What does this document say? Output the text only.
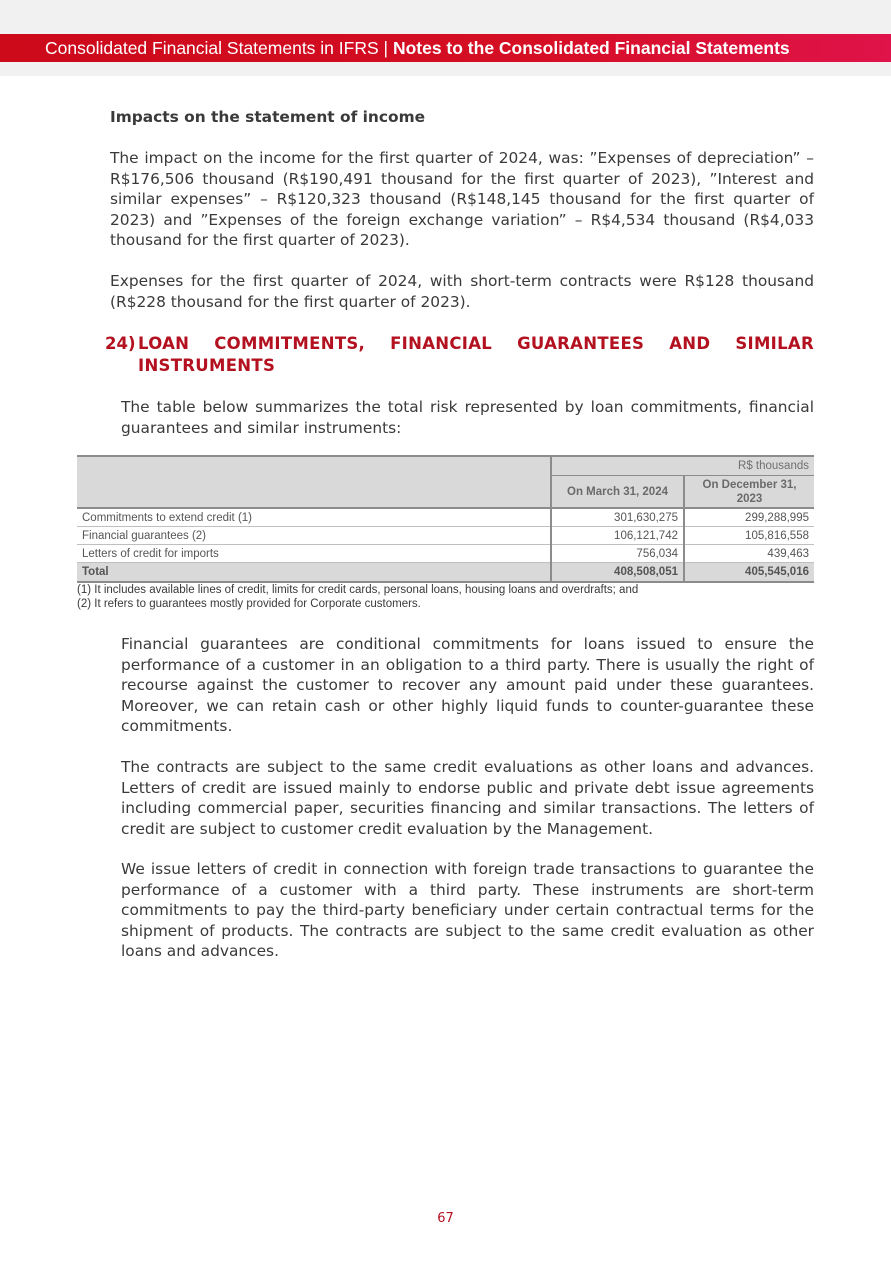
Consolidated Financial Statements in IFRS | Notes to the Consolidated Financial Statements
Impacts on the statement of income
The impact on the income for the first quarter of 2024, was: ”Expenses of depreciation” – R$176,506 thousand (R$190,491 thousand for the first quarter of 2023), ”Interest and similar expenses” – R$120,323 thousand (R$148,145 thousand for the first quarter of 2023) and ”Expenses of the foreign exchange variation” – R$4,534 thousand (R$4,033 thousand for the first quarter of 2023).
Expenses for the first quarter of 2024, with short-term contracts were R$128 thousand (R$228 thousand for the first quarter of 2023).
24) LOAN COMMITMENTS, FINANCIAL GUARANTEES AND SIMILAR INSTRUMENTS
The table below summarizes the total risk represented by loan commitments, financial guarantees and similar instruments:
	R$ thousands	
	On March 31, 2024	On December 31, 2023
Commitments to extend credit (1)	301,630,275	299,288,995
Financial guarantees (2)	106,121,742	105,816,558
Letters of credit for imports	756,034	439,463
Total	408,508,051	405,545,016
(1) It includes available lines of credit, limits for credit cards, personal loans, housing loans and overdrafts; and
(2) It refers to guarantees mostly provided for Corporate customers.
Financial guarantees are conditional commitments for loans issued to ensure the performance of a customer in an obligation to a third party. There is usually the right of recourse against the customer to recover any amount paid under these guarantees. Moreover, we can retain cash or other highly liquid funds to counter-guarantee these commitments.
The contracts are subject to the same credit evaluations as other loans and advances. Letters of credit are issued mainly to endorse public and private debt issue agreements including commercial paper, securities financing and similar transactions. The letters of credit are subject to customer credit evaluation by the Management.
We issue letters of credit in connection with foreign trade transactions to guarantee the performance of a customer with a third party. These instruments are short-term commitments to pay the third-party beneficiary under certain contractual terms for the shipment of products. The contracts are subject to the same credit evaluation as other loans and advances.
67
